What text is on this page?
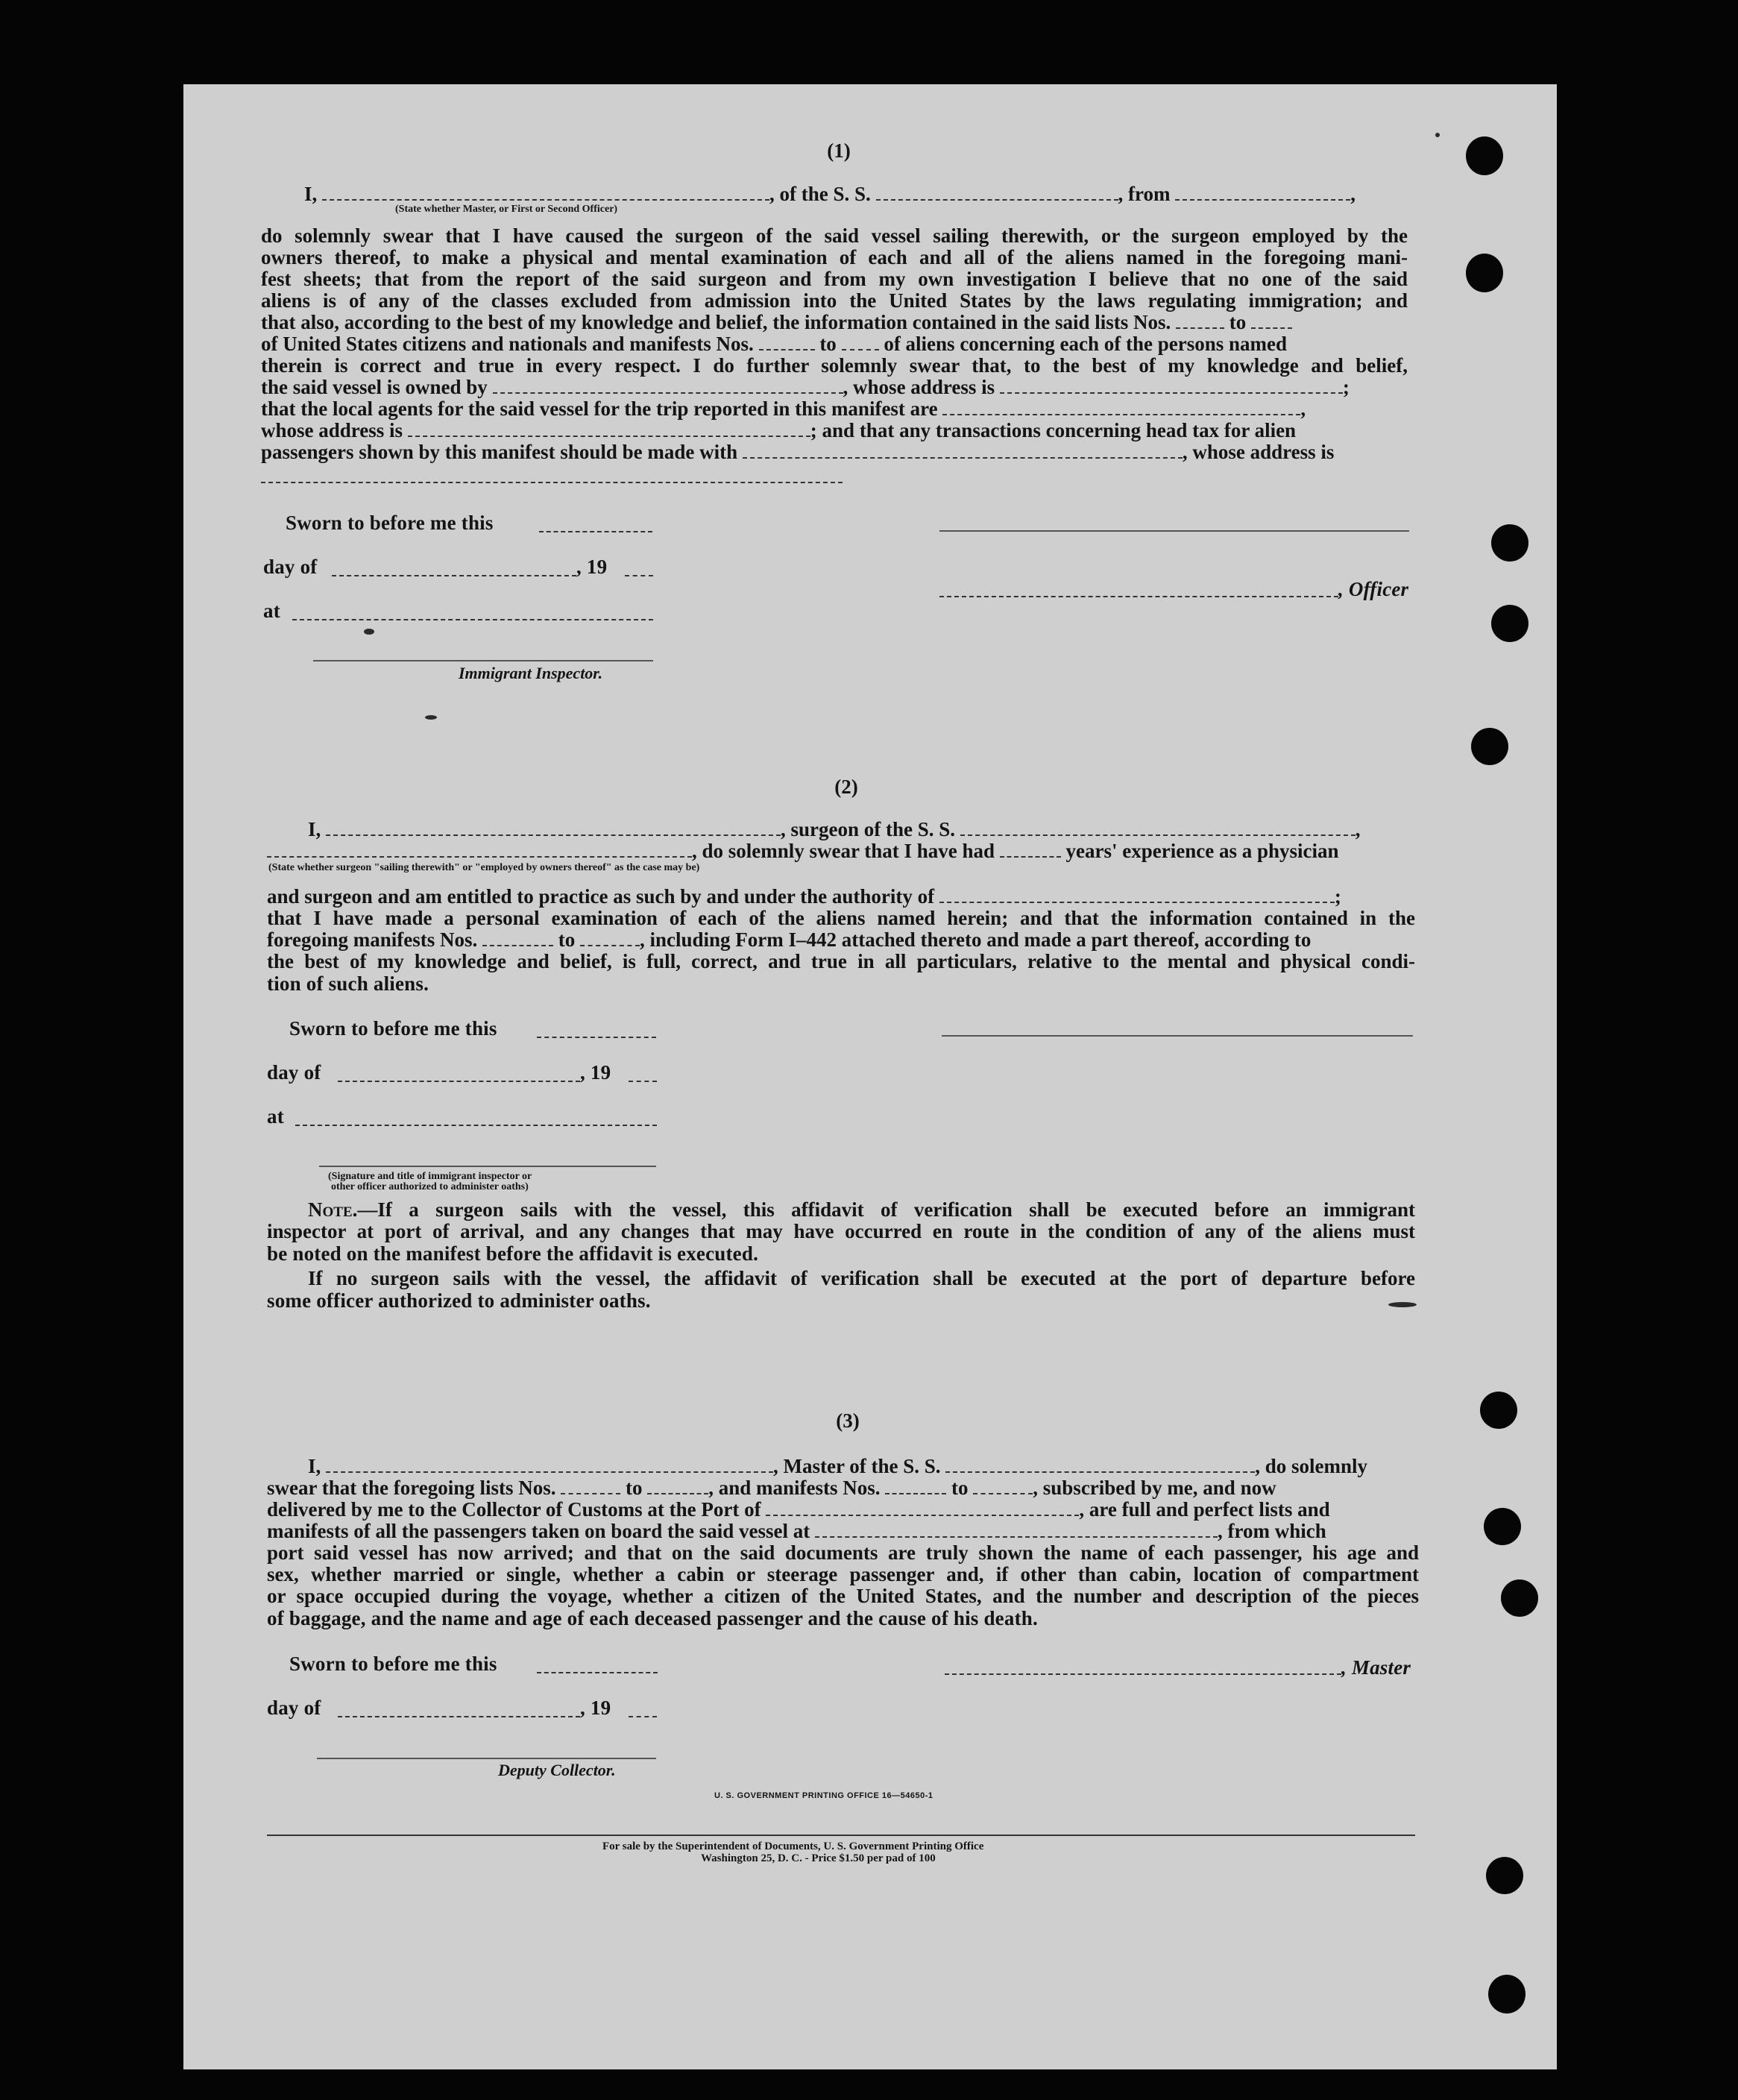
(1)
I,	, of the S. S.	, from	,
(State whether Master, or First or Second Officer)
do solemnly swear that I have caused the surgeon of the said vessel sailing therewith, or the surgeon employed by the
owners thereof, to make a physical and mental examination of each and all of the aliens named in the foregoing mani-
fest sheets; that from the report of the said surgeon and from my own investigation I believe that no one of the said
aliens is of any of the classes excluded from admission into the United States by the laws regulating immigration; and
that also, according to the best of my knowledge and belief, the information contained in the said lists Nos.	to
of United States citizens and nationals and manifests Nos.	to of aliens concerning each of the persons named
therein is correct and true in every respect. I do further solemnly swear that, to the best of my knowledge and belief,
the said vessel is owned by	, whose address is	;
that the local agents for the said vessel for the trip reported in this manifest are	,
whose address is	; and that any transactions concerning head tax for alien
passengers shown by this manifest should be made with	, whose address is
Sworn to before me this
day of	, 19
, Officer
at
Immigrant Inspector.
(2)
I,	, surgeon of the S. S.	,
, do solemnly swear that I have had	years' experience as a physician
(State whether surgeon "sailing therewith" or "employed by owners thereof" as the case may be)
and surgeon and am entitled to practice as such by and under the authority of	;
that I have made a personal examination of each of the aliens named herein; and that the information contained in the
foregoing manifests Nos.	to	, including Form I–442 attached thereto and made a part thereof, according to
the best of my knowledge and belief, is full, correct, and true in all particulars, relative to the mental and physical condi-
tion of such aliens.
Sworn to before me this
day of	, 19
at
(Signature and title of immigrant inspector or
other officer authorized to administer oaths)
Note.—If a surgeon sails with the vessel, this affidavit of verification shall be executed before an immigrant
inspector at port of arrival, and any changes that may have occurred en route in the condition of any of the aliens must
be noted on the manifest before the affidavit is executed.
If no surgeon sails with the vessel, the affidavit of verification shall be executed at the port of departure before
some officer authorized to administer oaths.
(3)
I,	, Master of the S. S.	, do solemnly
swear that the foregoing lists Nos.	to	, and manifests Nos.	to	, subscribed by me, and now
delivered by me to the Collector of Customs at the Port of	, are full and perfect lists and
manifests of all the passengers taken on board the said vessel at	, from which
port said vessel has now arrived; and that on the said documents are truly shown the name of each passenger, his age and
sex, whether married or single, whether a cabin or steerage passenger and, if other than cabin, location of compartment
or space occupied during the voyage, whether a citizen of the United States, and the number and description of the pieces
of baggage, and the name and age of each deceased passenger and the cause of his death.
Sworn to before me this	, Master
day of	, 19
Deputy Collector.
U. S. GOVERNMENT PRINTING OFFICE 16—54650-1
For sale by the Superintendent of Documents, U. S. Government Printing Office
Washington 25, D. C. - Price $1.50 per pad of 100
